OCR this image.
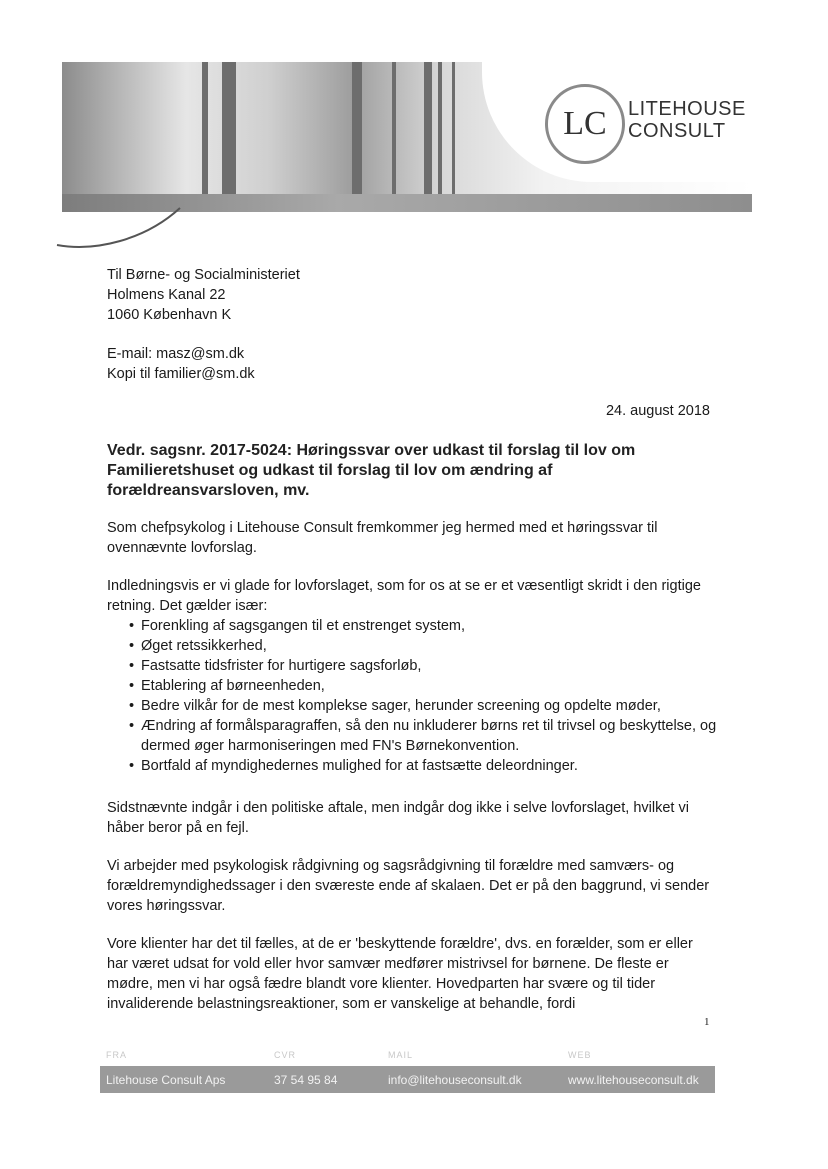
LC LITEHOUSE
CONSULT
Til Børne- og Socialministeriet
Holmens Kanal 22
1060 København K
E-mail: masz@sm.dk
Kopi til familier@sm.dk
24. august 2018
Vedr. sagsnr. 2017-5024: Høringssvar over udkast til forslag til lov om Familieretshuset og udkast til forslag til lov om ændring af forældreansvarsloven, mv.
Som chefpsykolog i Litehouse Consult fremkommer jeg hermed med et høringssvar til ovennævnte lovforslag.
Indledningsvis er vi glade for lovforslaget, som for os at se er et væsentligt skridt i den rigtige retning. Det gælder især:
• Forenkling af sagsgangen til et enstrenget system,
• Øget retssikkerhed,
• Fastsatte tidsfrister for hurtigere sagsforløb,
• Etablering af børneenheden,
• Bedre vilkår for de mest komplekse sager, herunder screening og opdelte møder,
• Ændring af formålsparagraffen, så den nu inkluderer børns ret til trivsel og beskyttelse, og dermed øger harmoniseringen med FN's Børnekonvention.
• Bortfald af myndighedernes mulighed for at fastsætte deleordninger.
Sidstnævnte indgår i den politiske aftale, men indgår dog ikke i selve lovforslaget, hvilket vi håber beror på en fejl.
Vi arbejder med psykologisk rådgivning og sagsrådgivning til forældre med samværs- og forældremyndighedssager i den sværeste ende af skalaen. Det er på den baggrund, vi sender vores høringssvar.
Vore klienter har det til fælles, at de er 'beskyttende forældre', dvs. en forælder, som er eller har været udsat for vold eller hvor samvær medfører mistrivsel for børnene. De fleste er mødre, men vi har også fædre blandt vore klienter. Hovedparten har svære og til tider invaliderende belastningsreaktioner, som er vanskelige at behandle, fordi
1
FRA	CVR	MAIL	WEB
Litehouse Consult Aps	37 54 95 84	info@litehouseconsult.dk	www.litehouseconsult.dk
